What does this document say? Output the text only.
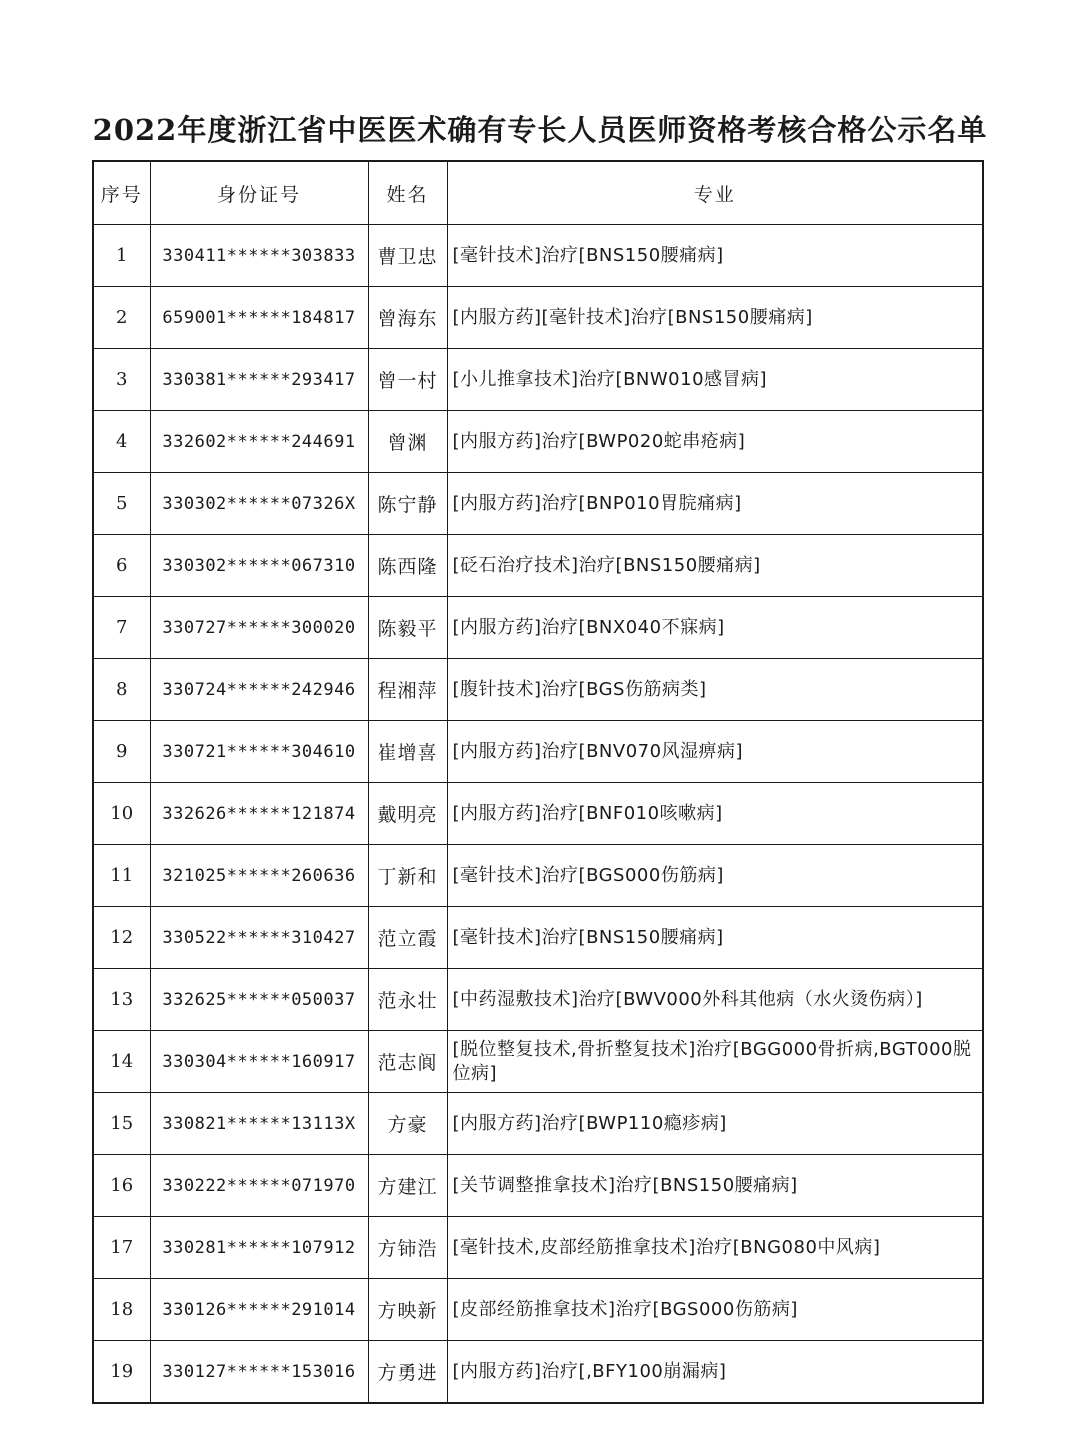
2022年度浙江省中医医术确有专长人员医师资格考核合格公示名单
序号	身份证号	姓名	专业
1	330411******303833	曹卫忠	[毫针技术]治疗[BNS150腰痛病]
2	659001******184817	曾海东	[内服方药][毫针技术]治疗[BNS150腰痛病]
3	330381******293417	曾一村	[小儿推拿技术]治疗[BNW010感冒病]
4	332602******244691	曾渊	[内服方药]治疗[BWP020蛇串疮病]
5	330302******07326X	陈宁静	[内服方药]治疗[BNP010胃脘痛病]
6	330302******067310	陈西隆	[砭石治疗技术]治疗[BNS150腰痛病]
7	330727******300020	陈毅平	[内服方药]治疗[BNX040不寐病]
8	330724******242946	程湘萍	[腹针技术]治疗[BGS伤筋病类]
9	330721******304610	崔增喜	[内服方药]治疗[BNV070风湿痹病]
10	332626******121874	戴明亮	[内服方药]治疗[BNF010咳嗽病]
11	321025******260636	丁新和	[毫针技术]治疗[BGS000伤筋病]
12	330522******310427	范立霞	[毫针技术]治疗[BNS150腰痛病]
13	332625******050037	范永壮	[中药湿敷技术]治疗[BWV000外科其他病（水火烫伤病）]
14	330304******160917	范志阆	[脱位整复技术,骨折整复技术]治疗[BGG000骨折病,BGT000脱位病]
15	330821******13113X	方豪	[内服方药]治疗[BWP110瘾疹病]
16	330222******071970	方建江	[关节调整推拿技术]治疗[BNS150腰痛病]
17	330281******107912	方铈浩	[毫针技术,皮部经筋推拿技术]治疗[BNG080中风病]
18	330126******291014	方映新	[皮部经筋推拿技术]治疗[BGS000伤筋病]
19	330127******153016	方勇进	[内服方药]治疗[,BFY100崩漏病]
